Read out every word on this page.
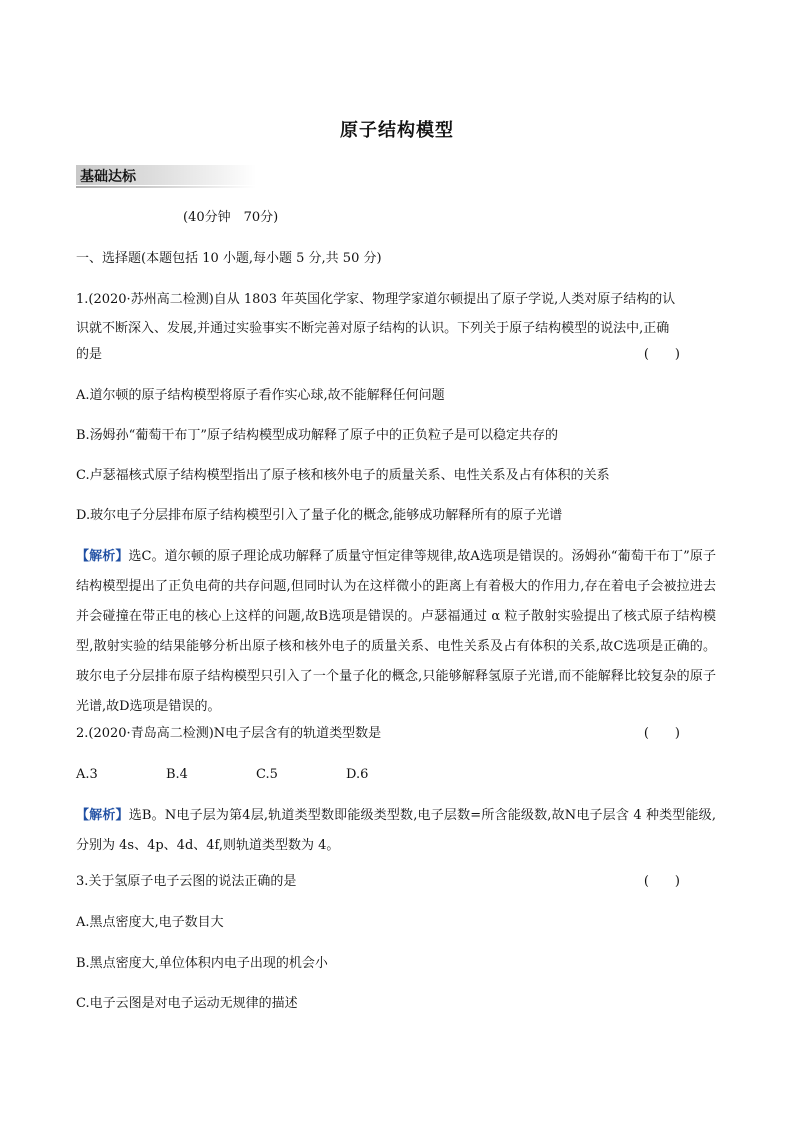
原子结构模型
基础达标
(40分钟　70分)
一、选择题(本题包括 10 小题,每小题 5 分,共 50 分)
1.(2020·苏州高二检测)自从 1803 年英国化学家、物理学家道尔顿提出了原子学说,人类对原子结构的认
识就不断深入、发展,并通过实验事实不断完善对原子结构的认识。下列关于原子结构模型的说法中,正确
的是	(　　)
A.道尔顿的原子结构模型将原子看作实心球,故不能解释任何问题
B.汤姆孙“葡萄干布丁”原子结构模型成功解释了原子中的正负粒子是可以稳定共存的
C.卢瑟福核式原子结构模型指出了原子核和核外电子的质量关系、电性关系及占有体积的关系
D.玻尔电子分层排布原子结构模型引入了量子化的概念,能够成功解释所有的原子光谱
【解析】选C。道尔顿的原子理论成功解释了质量守恒定律等规律,故A选项是错误的。汤姆孙“葡萄干布丁”原子结构模型提出了正负电荷的共存问题,但同时认为在这样微小的距离上有着极大的作用力,存在着电子会被拉进去并会碰撞在带正电的核心上这样的问题,故B选项是错误的。卢瑟福通过 α 粒子散射实验提出了核式原子结构模型,散射实验的结果能够分析出原子核和核外电子的质量关系、电性关系及占有体积的关系,故C选项是正确的。玻尔电子分层排布原子结构模型只引入了一个量子化的概念,只能够解释氢原子光谱,而不能解释比较复杂的原子光谱,故D选项是错误的。
2.(2020·青岛高二检测)N电子层含有的轨道类型数是	(　　)
A.3	B.4	C.5	D.6
【解析】选B。N电子层为第4层,轨道类型数即能级类型数,电子层数=所含能级数,故N电子层含 4 种类型能级,分别为 4s、4p、4d、4f,则轨道类型数为 4。
3.关于氢原子电子云图的说法正确的是	(　　)
A.黑点密度大,电子数目大
B.黑点密度大,单位体积内电子出现的机会小
C.电子云图是对电子运动无规律的描述
